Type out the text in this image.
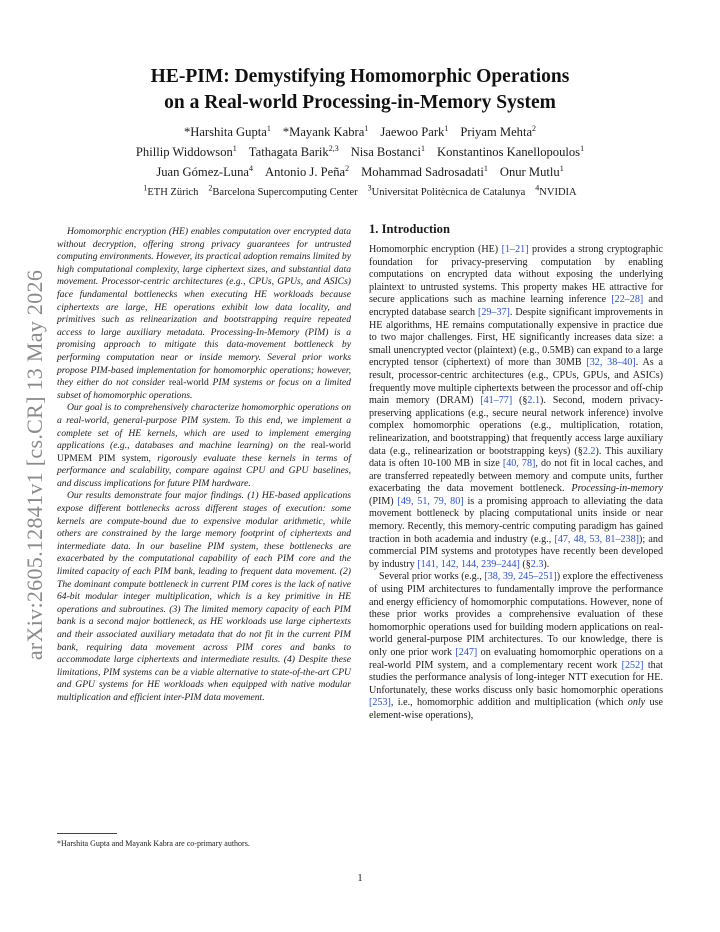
arXiv:2605.12841v1 [cs.CR] 13 May 2026
HE-PIM: Demystifying Homomorphic Operations
on a Real-world Processing-in-Memory System
*Harshita Gupta$^1$ *Mayank Kabra$^1$ Jaewoo Park$^1$ Priyam Mehta$^2$
Phillip Widdowson$^1$ Tathagata Barik$^{2,3}$ Nisa Bostanci$^1$ Konstantinos Kanellopoulos$^1$
Juan Gómez-Luna$^4$ Antonio J. Peña$^2$ Mohammad Sadrosadati$^1$ Onur Mutlu$^1$
$^1$ETH Zürich $^2$Barcelona Supercomputing Center $^3$Universitat Politècnica de Catalunya $^4$NVIDIA

Homomorphic encryption (HE) enables computation over encrypted data without decryption, offering strong privacy guarantees for untrusted computing environments. However, its practical adoption remains limited by high computational complexity, large ciphertext sizes, and substantial data movement. Processor-centric architectures (e.g., CPUs, GPUs, and ASICs) face fundamental bottlenecks when executing HE workloads because ciphertexts are large, HE operations exhibit low data locality, and primitives such as relinearization and bootstrapping require repeated access to large auxiliary metadata. Processing-In-Memory (PIM) is a promising approach to mitigate this data-movement bottleneck by performing computation near or inside memory. Several prior works propose PIM-based implementation for homomorphic operations; however, they either do not consider real-world PIM systems or focus on a limited subset of homomorphic operations.

Our goal is to comprehensively characterize homomorphic operations on a real-world, general-purpose PIM system. To this end, we implement a complete set of HE kernels, which are used to implement emerging applications (e.g., databases and machine learning) on the real-world UPMEM PIM system, rigorously evaluate these kernels in terms of performance and scalability, compare against CPU and GPU baselines, and discuss implications for future PIM hardware.

Our results demonstrate four major findings. (1) HE-based applications expose different bottlenecks across different stages of execution: some kernels are compute-bound due to expensive modular arithmetic, while others are constrained by the large memory footprint of ciphertexts and intermediate data. In our baseline PIM system, these bottlenecks are exacerbated by the computational capability of each PIM core and the limited capacity of each PIM bank, leading to frequent data movement. (2) The dominant compute bottleneck in current PIM cores is the lack of native 64-bit modular integer multiplication, which is a key primitive in HE operations and subroutines. (3) The limited memory capacity of each PIM bank is a second major bottleneck, as HE workloads use large ciphertexts and their associated auxiliary metadata that do not fit in the current PIM bank, requiring data movement across PIM cores and banks to accommodate large ciphertexts and intermediate results. (4) Despite these limitations, PIM systems can be a viable alternative to state-of-the-art CPU and GPU systems for HE workloads when equipped with native modular multiplication and efficient inter-PIM data movement.

*Harshita Gupta and Mayank Kabra are co-primary authors.
1. Introduction

Homomorphic encryption (HE) [1–21] provides a strong cryptographic foundation for privacy-preserving computation by enabling computations on encrypted data without exposing the underlying plaintext to untrusted systems. This property makes HE attractive for secure applications such as machine learning inference [22–28] and encrypted database search [29–37]. Despite significant improvements in HE algorithms, HE remains computationally expensive in practice due to two major challenges. First, HE significantly increases data size: a small unencrypted vector (plaintext) (e.g., 0.5MB) can expand to a large encrypted tensor (ciphertext) of more than 30MB [32, 38–40]. As a result, processor-centric architectures (e.g., CPUs, GPUs, and ASICs) frequently move multiple ciphertexts between the processor and off-chip main memory (DRAM) [41–77] (§2.1). Second, modern privacy-preserving applications (e.g., secure neural network inference) involve complex homomorphic operations (e.g., multiplication, rotation, relinearization, and bootstrapping) that frequently access large auxiliary data (e.g., relinearization or bootstrapping keys) (§2.2). This auxiliary data is often 10-100 MB in size [40, 78], do not fit in local caches, and are transferred repeatedly between memory and compute units, further exacerbating the data movement bottleneck. Processing-in-memory (PIM) [49, 51, 79, 80] is a promising approach to alleviating the data movement bottleneck by placing computational units inside or near memory. Recently, this memory-centric computing paradigm has gained traction in both academia and industry (e.g., [47, 48, 53, 81–238]); and commercial PIM systems and prototypes have recently been developed by industry [141, 142, 144, 239–244] (§2.3).

Several prior works (e.g., [38, 39, 245–251]) explore the effectiveness of using PIM architectures to fundamentally improve the performance and energy efficiency of homomorphic computations. However, none of these prior works provides a comprehensive evaluation of these homomorphic operations used for building modern applications on real-world general-purpose PIM architectures. To our knowledge, there is only one prior work [247] on evaluating homomorphic operations on a real-world PIM system, and a complementary recent work [252] that studies the performance analysis of long-integer NTT execution for HE. Unfortunately, these works discuss only basic homomorphic operations [253], i.e., homomorphic addition and multiplication (which only use element-wise operations),

1
